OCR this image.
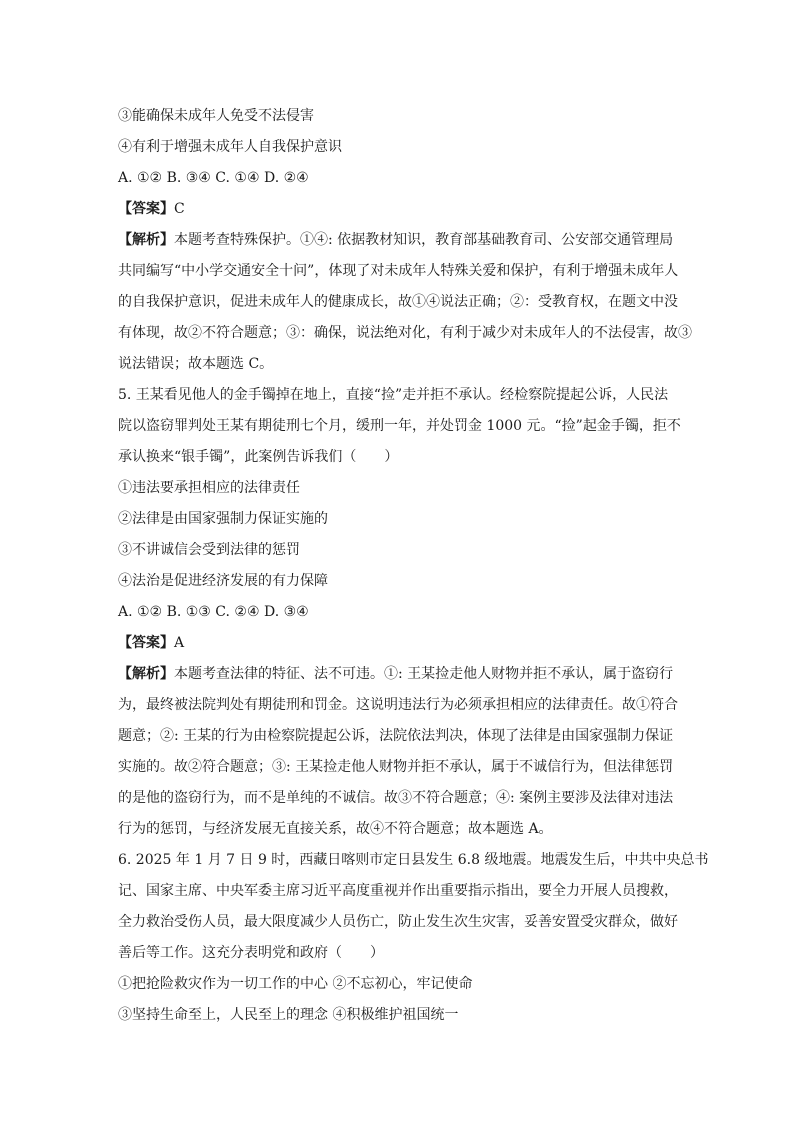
③能确保未成年人免受不法侵害

④有利于增强未成年人自我保护意识

A. ①② B. ③④ C. ①④ D. ②④

【答案】C

【解析】本题考查特殊保护。①④: 依据教材知识，教育部基础教育司、公安部交通管理局
共同编写“中小学交通安全十问”，体现了对未成年人特殊关爱和保护，有利于增强未成年人
的自我保护意识，促进未成年人的健康成长，故①④说法正确；②：受教育权，在题文中没
有体现，故②不符合题意；③：确保，说法绝对化，有利于减少对未成年人的不法侵害，故③
说法错误；故本题选 C。
5. 王某看见他人的金手镯掉在地上，直接“捡”走并拒不承认。经检察院提起公诉，人民法
院以盗窃罪判处王某有期徒刑七个月，缓刑一年，并处罚金 1000 元。“捡”起金手镯，拒不
承认换来“银手镯”，此案例告诉我们（　　）

①违法要承担相应的法律责任

②法律是由国家强制力保证实施的

③不讲诚信会受到法律的惩罚

④法治是促进经济发展的有力保障

A. ①② B. ①③ C. ②④ D. ③④

【答案】A

【解析】本题考查法律的特征、法不可违。①: 王某捡走他人财物并拒不承认，属于盗窃行
为，最终被法院判处有期徒刑和罚金。这说明违法行为必须承担相应的法律责任。故①符合
题意；②: 王某的行为由检察院提起公诉，法院依法判决，体现了法律是由国家强制力保证
实施的。故②符合题意；③: 王某捡走他人财物并拒不承认，属于不诚信行为，但法律惩罚
的是他的盗窃行为，而不是单纯的不诚信。故③不符合题意；④: 案例主要涉及法律对违法
行为的惩罚，与经济发展无直接关系，故④不符合题意；故本题选 A。
6. 2025 年 1 月 7 日 9 时，西藏日喀则市定日县发生 6.8 级地震。地震发生后，中共中央总书
记、国家主席、中央军委主席习近平高度重视并作出重要指示指出，要全力开展人员搜救，
全力救治受伤人员，最大限度减少人员伤亡，防止发生次生灾害，妥善安置受灾群众，做好
善后等工作。这充分表明党和政府（　　）

①把抢险救灾作为一切工作的中心 ②不忘初心，牢记使命

③坚持生命至上，人民至上的理念 ④积极维护祖国统一
